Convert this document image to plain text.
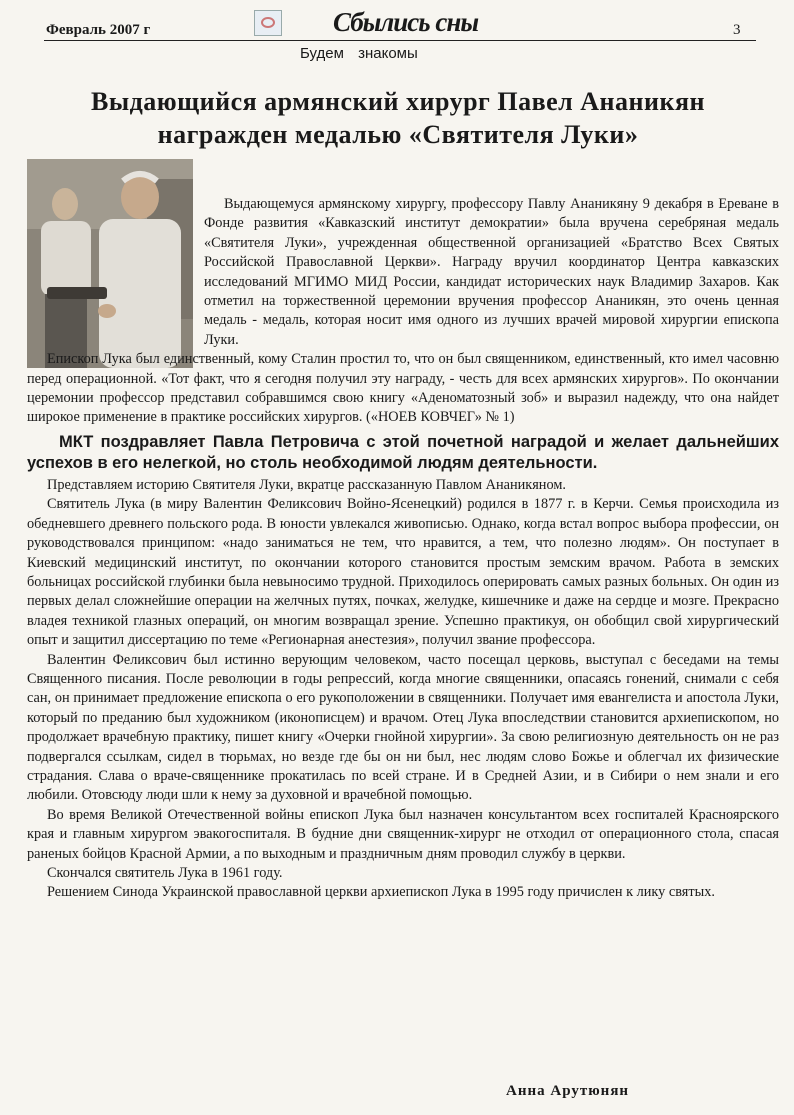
Февраль 2007 г	Сбылись сны	3
Будем знакомы
Выдающийся армянский хирург Павел Ананикян награжден медалью «Святителя Луки»

Выдающемуся армянскому хирургу, профессору Павлу Ананикяну 9 декабря в Ереване в Фонде развития «Кавказский институт демократии» была вручена серебряная медаль «Святителя Луки», учрежденная общественной организацией «Братство Всех Святых Российской Православной Церкви». Награду вручил координатор Центра кавказских исследований МГИМО МИД России, кандидат исторических наук Владимир Захаров. Как отметил на торжественной церемонии вручения профессор Ананикян, это очень ценная медаль - медаль, которая носит имя одного из лучших врачей мировой хирургии епископа Луки.

Епископ Лука был единственный, кому Сталин простил то, что он был священником, единственный, кто имел часовню перед операционной. «Тот факт, что я сегодня получил эту награду, - честь для всех армянских хирургов». По окончании церемонии профессор представил собравшимся свою книгу «Аденоматозный зоб» и выразил надежду, что она найдет широкое применение в практике российских хирургов. («НОЕВ КОВЧЕГ» № 1)

МКТ поздравляет Павла Петровича с этой почетной наградой и желает дальнейших успехов в его нелегкой, но столь необходимой людям деятельности.

Представляем историю Святителя Луки, вкратце рассказанную Павлом Ананикяном.

Святитель Лука (в миру Валентин Феликсович Войно-Ясенецкий) родился в 1877 г. в Керчи. Семья происходила из обедневшего древнего польского рода. В юности увлекался живописью. Однако, когда встал вопрос выбора профессии, он руководствовался принципом: «надо заниматься не тем, что нравится, а тем, что полезно людям». Он поступает в Киевский медицинский институт, по окончании которого становится простым земским врачом. Работа в земских больницах российской глубинки была невыносимо трудной. Приходилось оперировать самых разных больных. Он один из первых делал сложнейшие операции на желчных путях, почках, желудке, кишечнике и даже на сердце и мозге. Прекрасно владея техникой глазных операций, он многим возвращал зрение. Успешно практикуя, он обобщил свой хирургический опыт и защитил диссертацию по теме «Регионарная анестезия», получил звание профессора.

Валентин Феликсович был истинно верующим человеком, часто посещал церковь, выступал с беседами на темы Священного писания. После революции в годы репрессий, когда многие священники, опасаясь гонений, снимали с себя сан, он принимает предложение епископа о его рукоположении в священники. Получает имя евангелиста и апостола Луки, который по преданию был художником (иконописцем) и врачом. Отец Лука впоследствии становится архиепископом, но продолжает врачебную практику, пишет книгу «Очерки гнойной хирургии». За свою религиозную деятельность он не раз подвергался ссылкам, сидел в тюрьмах, но везде где бы он ни был, нес людям слово Божье и облегчал их физические страдания. Слава о враче-священнике прокатилась по всей стране. И в Средней Азии, и в Сибири о нем знали и его любили. Отовсюду люди шли к нему за духовной и врачебной помощью.

Во время Великой Отечественной войны епископ Лука был назначен консультантом всех госпиталей Красноярского края и главным хирургом эвакогоспиталя. В будние дни священник-хирург не отходил от операционного стола, спасая раненых бойцов Красной Армии, а по выходным и праздничным дням проводил службу в церкви.

Скончался святитель Лука в 1961 году.

Решением Синода Украинской православной церкви архиепископ Лука в 1995 году причислен к лику святых.

Анна Арутюнян
